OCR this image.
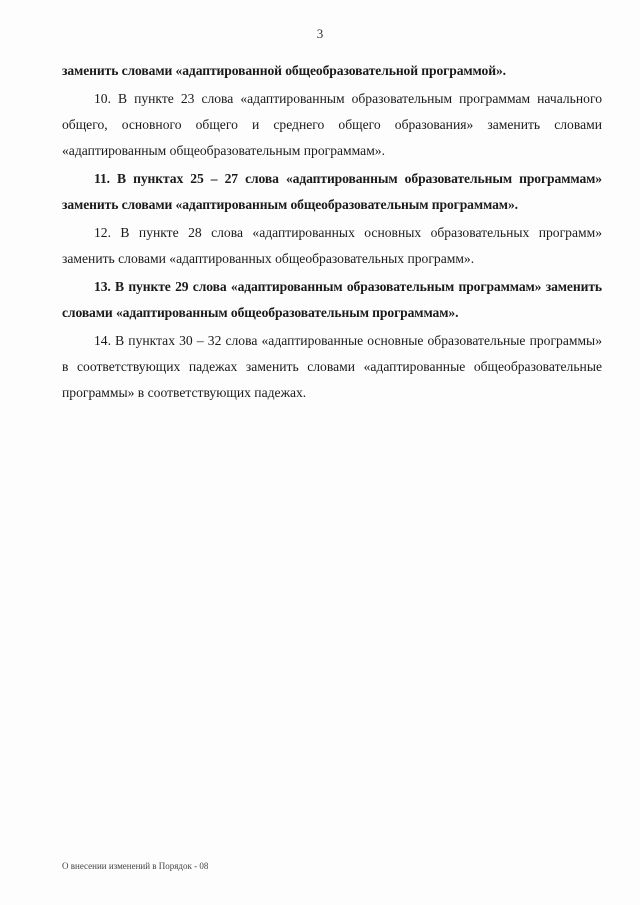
3

заменить словами «адаптированной общеобразовательной программой».

10. В пункте 23 слова «адаптированным образовательным программам начального общего, основного общего и среднего общего образования» заменить словами «адаптированным общеобразовательным программам».

11. В пунктах 25 – 27 слова «адаптированным образовательным программам» заменить словами «адаптированным общеобразовательным программам».

12. В пункте 28 слова «адаптированных основных образовательных программ» заменить словами «адаптированных общеобразовательных программ».

13. В пункте 29 слова «адаптированным образовательным программам» заменить словами «адаптированным общеобразовательным программам».

14. В пунктах 30 – 32 слова «адаптированные основные образовательные программы» в соответствующих падежах заменить словами «адаптированные общеобразовательные программы» в соответствующих падежах.

О внесении изменений в Порядок - 08
